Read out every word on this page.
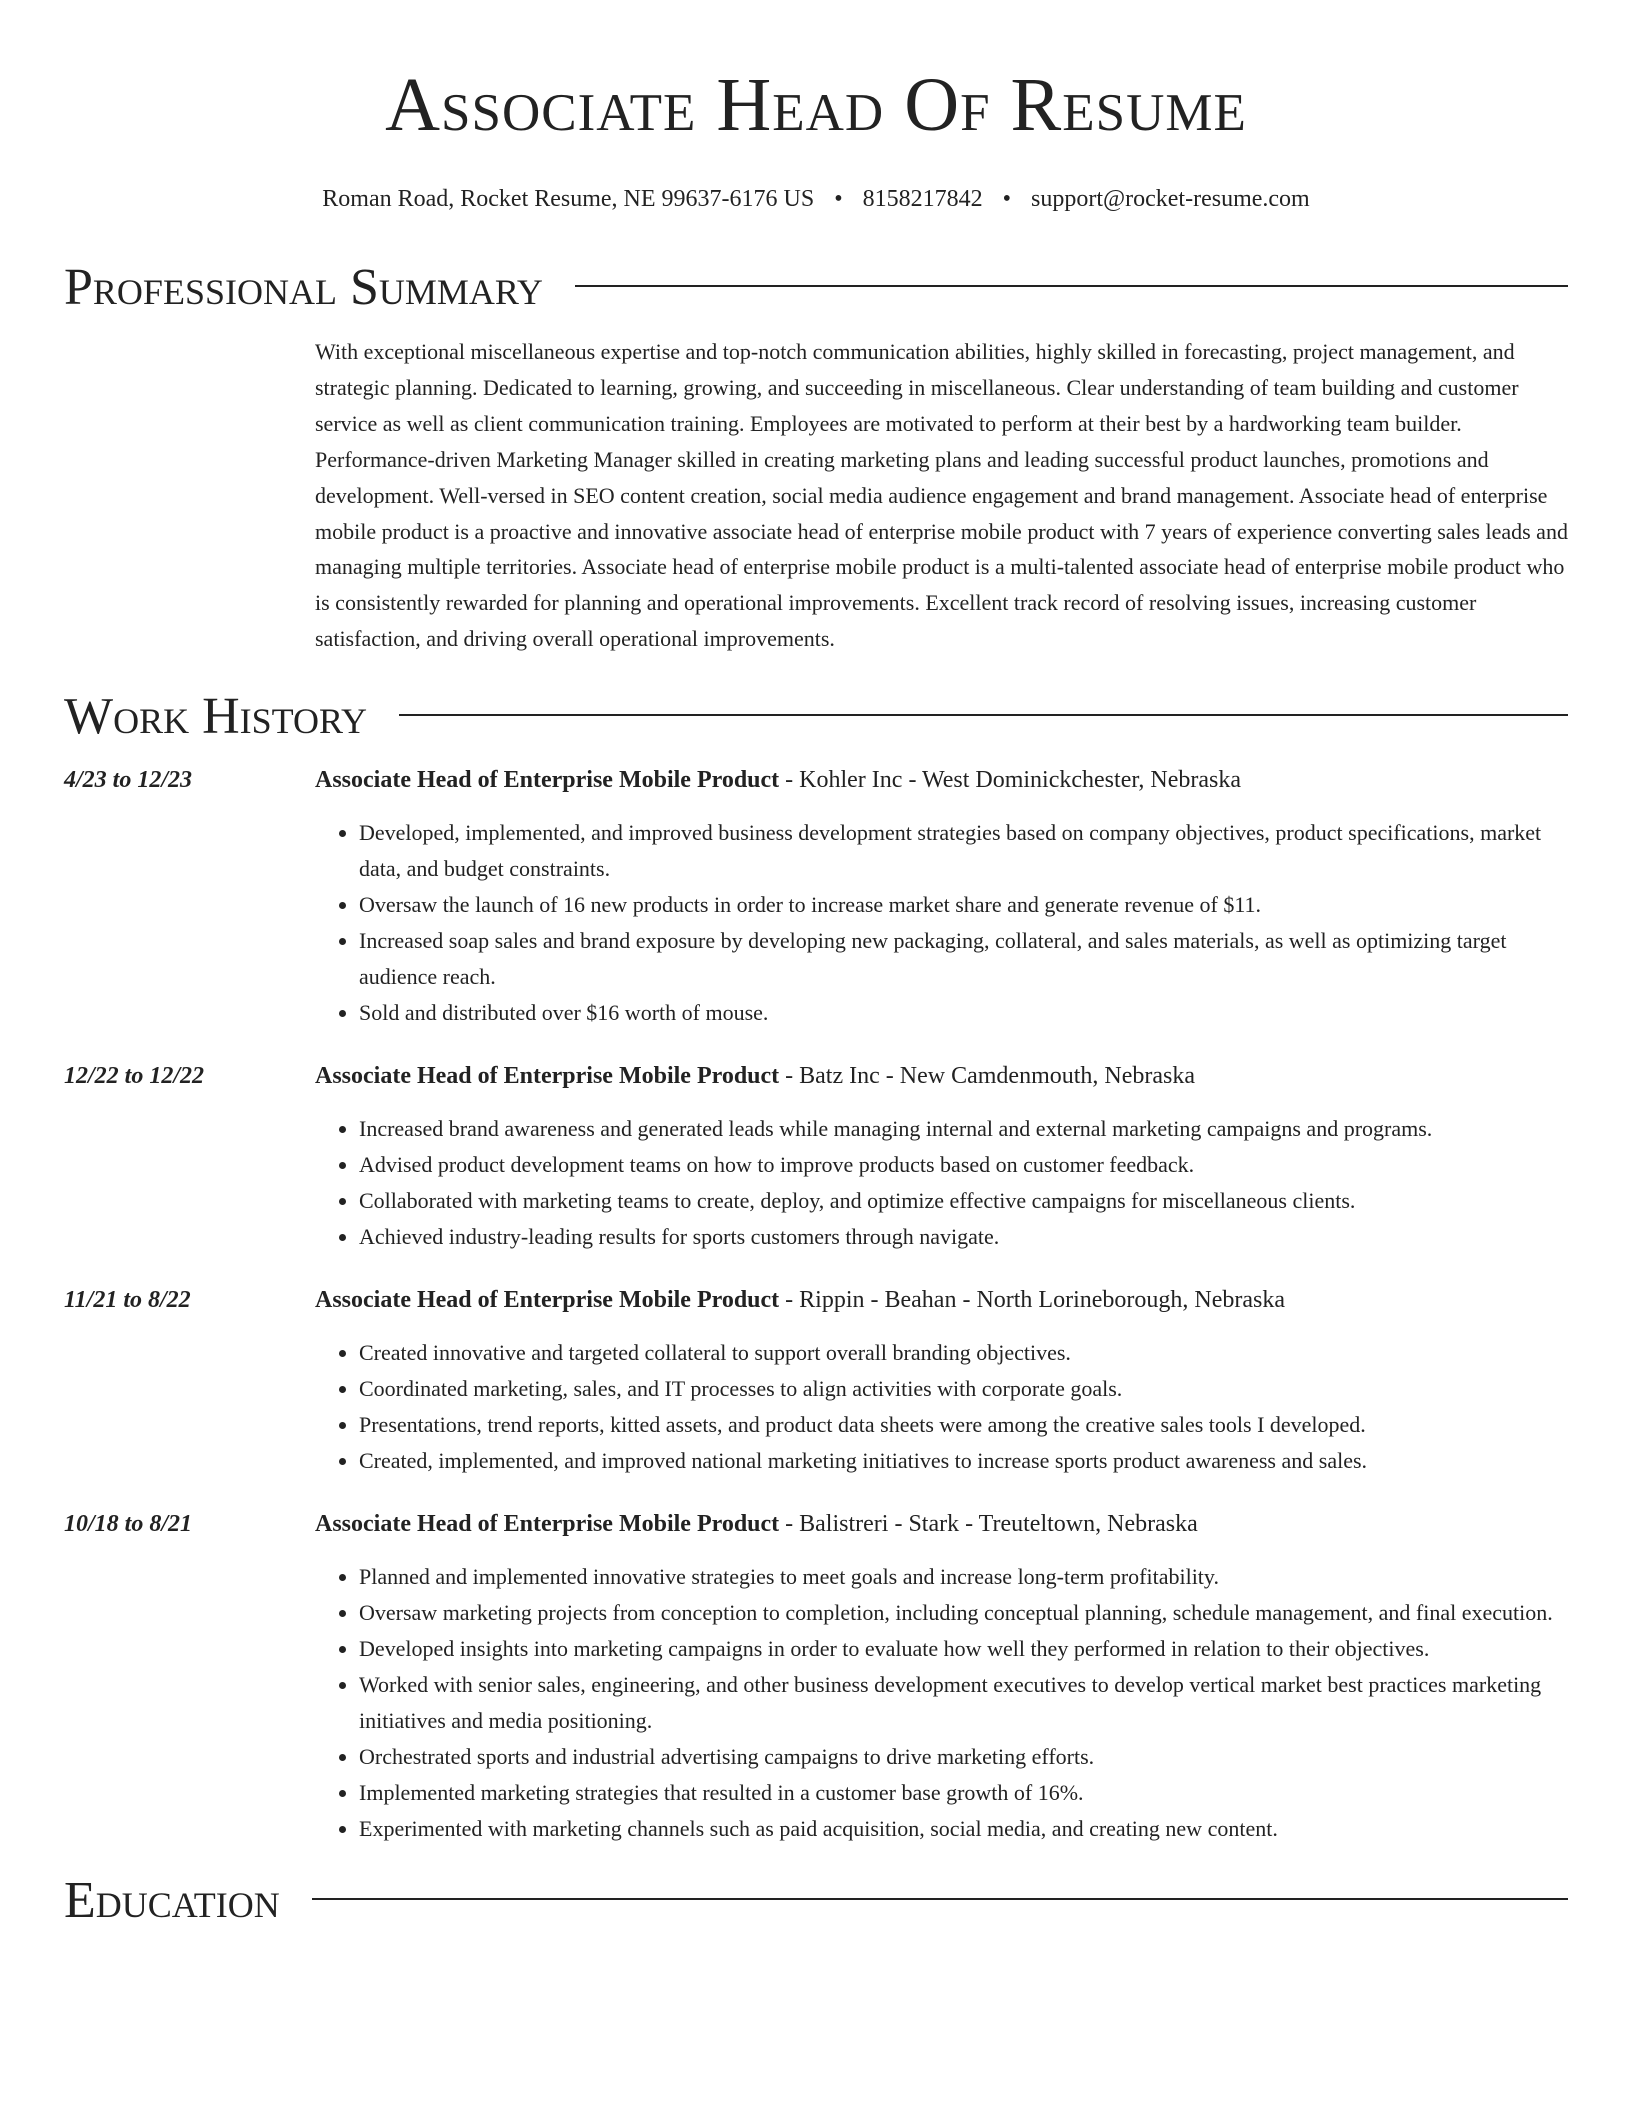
Associate Head Of Resume
Roman Road, Rocket Resume, NE 99637-6176 US • 8158217842 • support@rocket-resume.com
Professional Summary
With exceptional miscellaneous expertise and top-notch communication abilities, highly skilled in forecasting, project management, and strategic planning. Dedicated to learning, growing, and succeeding in miscellaneous. Clear understanding of team building and customer service as well as client communication training. Employees are motivated to perform at their best by a hardworking team builder. Performance-driven Marketing Manager skilled in creating marketing plans and leading successful product launches, promotions and development. Well-versed in SEO content creation, social media audience engagement and brand management. Associate head of enterprise mobile product is a proactive and innovative associate head of enterprise mobile product with 7 years of experience converting sales leads and managing multiple territories. Associate head of enterprise mobile product is a multi-talented associate head of enterprise mobile product who is consistently rewarded for planning and operational improvements. Excellent track record of resolving issues, increasing customer satisfaction, and driving overall operational improvements.
Work History
4/23 to 12/23	Associate Head of Enterprise Mobile Product - Kohler Inc - West Dominickchester, Nebraska
• Developed, implemented, and improved business development strategies based on company objectives, product specifications, market data, and budget constraints.
• Oversaw the launch of 16 new products in order to increase market share and generate revenue of $11.
• Increased soap sales and brand exposure by developing new packaging, collateral, and sales materials, as well as optimizing target audience reach.
• Sold and distributed over $16 worth of mouse.
12/22 to 12/22	Associate Head of Enterprise Mobile Product - Batz Inc - New Camdenmouth, Nebraska
• Increased brand awareness and generated leads while managing internal and external marketing campaigns and programs.
• Advised product development teams on how to improve products based on customer feedback.
• Collaborated with marketing teams to create, deploy, and optimize effective campaigns for miscellaneous clients.
• Achieved industry-leading results for sports customers through navigate.
11/21 to 8/22	Associate Head of Enterprise Mobile Product - Rippin - Beahan - North Lorineborough, Nebraska
• Created innovative and targeted collateral to support overall branding objectives.
• Coordinated marketing, sales, and IT processes to align activities with corporate goals.
• Presentations, trend reports, kitted assets, and product data sheets were among the creative sales tools I developed.
• Created, implemented, and improved national marketing initiatives to increase sports product awareness and sales.
10/18 to 8/21	Associate Head of Enterprise Mobile Product - Balistreri - Stark - Treuteltown, Nebraska
• Planned and implemented innovative strategies to meet goals and increase long-term profitability.
• Oversaw marketing projects from conception to completion, including conceptual planning, schedule management, and final execution.
• Developed insights into marketing campaigns in order to evaluate how well they performed in relation to their objectives.
• Worked with senior sales, engineering, and other business development executives to develop vertical market best practices marketing initiatives and media positioning.
• Orchestrated sports and industrial advertising campaigns to drive marketing efforts.
• Implemented marketing strategies that resulted in a customer base growth of 16%.
• Experimented with marketing channels such as paid acquisition, social media, and creating new content.
Education
